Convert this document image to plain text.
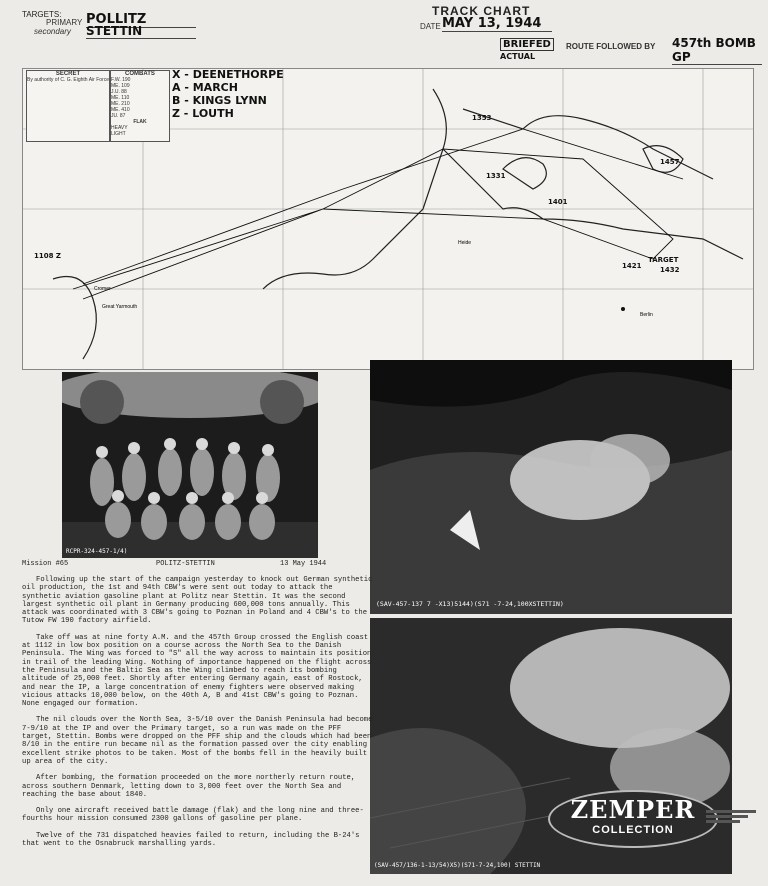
TARGETS:
PRIMARY
secondary
POLLITZ
STETTIN
TRACK CHART
DATE MAY 13, 1944
BRIEFED
ACTUAL
ROUTE FOLLOWED BY 457th BOMB GP
SECRET
By authority of C. G. Eighth Air Force
COMBATS
F.W. 190
ME. 109
J.U. 88
ME. 110
ME. 210
ME. 410
JU. 87
FLAK
HEAVY
LIGHT
X - DEENETHORPE
A - MARCH
B - KINGS LYNN
Z - LOUTH
TARGET
1457
1432
1421
1353
1401
1331
1108 Z
Berlin
Great Yarmouth
Cromer
Heide
RCPR-324-457-1/4)
(SAV-457-137 7 -X13)5144)(S71 -7-24,100XSTETTIN)
(SAV-457/136-1-13/54)X5)(S71-7-24,100) STETTIN
Mission #65	POLITZ-STETTIN	13 May 1944

Following up the start of the campaign yesterday to knock out German synthetic oil production, the 1st and 94th CBW's were sent out today to attack the synthetic aviation gasoline plant at Politz near Stettin. It was the second largest synthetic oil plant in Germany producing 600,000 tons annually. This attack was coordinated with 3 CBW's going to Poznan in Poland and 4 CBW's to the Tutow FW 190 factory airfield.

Take off was at nine forty A.M. and the 457th Group crossed the English coast at 1112 in low box position on a course across the North Sea to the Danish Peninsula. The Wing was forced to "S" all the way across to maintain its position in trail of the leading Wing. Nothing of importance happened on the flight across the Peninsula and the Baltic Sea as the Wing climbed to reach its bombing altitude of 25,000 feet. Shortly after entering Germany again, east of Rostock, and near the IP, a large concentration of enemy fighters were observed making vicious attacks 10,000 below, on the 40th A, B and 41st CBW's going to Poznan. None engaged our formation.

The nil clouds over the North Sea, 3-5/10 over the Danish Peninsula had become 7-9/10 at the IP and over the Primary target, so a run was made on the PFF target, Stettin. Bombs were dropped on the PFF ship and the clouds which had been 8/10 in the entire run became nil as the formation passed over the city enabling excellent strike photos to be taken. Most of the bombs fell in the heavily built up area of the city.

After bombing, the formation proceeded on the more northerly return route, across southern Denmark, letting down to 3,000 feet over the North Sea and reaching the base about 1840.

Only one aircraft received battle damage (flak) and the long nine and three-fourths hour mission consumed 2300 gallons of gasoline per plane.

Twelve of the 731 dispatched heavies failed to return, including the B-24's that went to the Osnabruck marshalling yards.

ZEMPER
COLLECTION
